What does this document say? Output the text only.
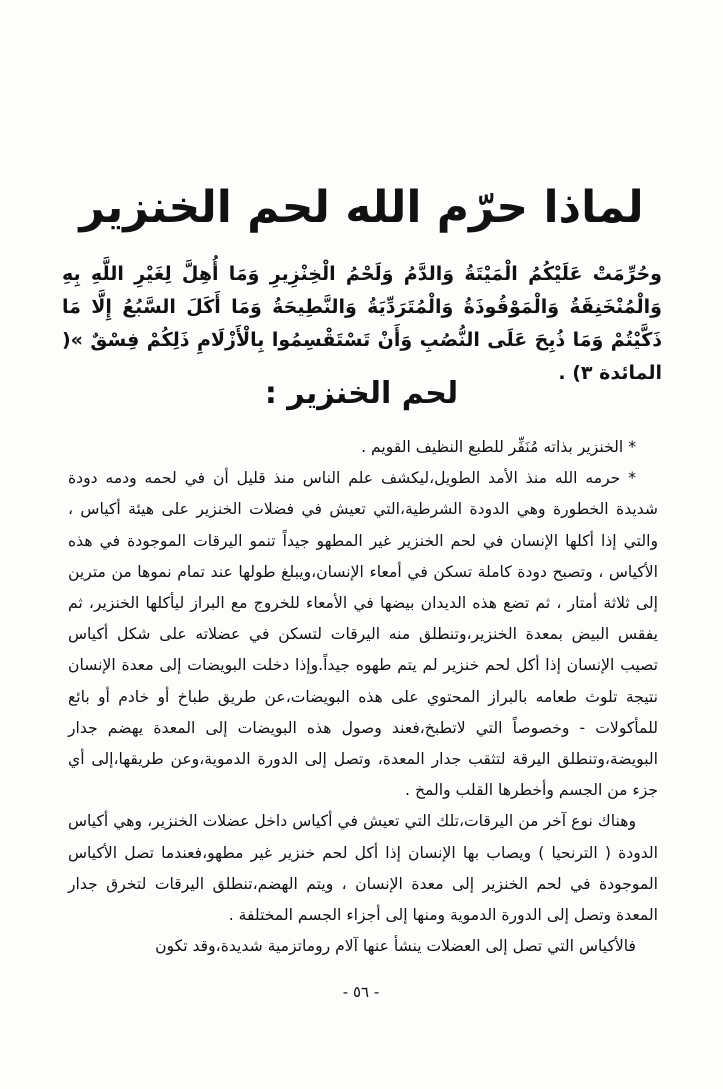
لماذا حرّم الله لحم الخنزير
وحُرِّمَتْ عَلَيْكُمُ الْمَيْتَةُ وَالدَّمُ وَلَحْمُ الْخِنْزِيرِ وَمَا أُهِلَّ لِغَيْرِ اللَّهِ بِهِ وَالْمُنْخَنِقَةُ وَالْمَوْقُوذَةُ وَالْمُتَرَدِّيَةُ وَالنَّطِيحَةُ وَمَا أَكَلَ السَّبُعُ إِلَّا مَا ذَكَّيْتُمْ وَمَا ذُبِحَ عَلَى النُّصُبِ وَأَنْ تَسْتَقْسِمُوا بِالْأَزْلَامِ ذَلِكُمْ فِسْقٌ »( المائدة ٣) .
لحم الخنزير :

* الخنزير بذاته مُنَفِّر للطبع النظيف القويم .

* حرمه الله منذ الأمد الطويل،ليكشف علم الناس منذ قليل أن في لحمه ودمه دودة شديدة الخطورة وهي الدودة الشرطية،التي تعيش في فضلات الخنزير على هيئة أكياس ، والتي إذا أكلها الإنسان في لحم الخنزير غير المطهو جيداً تنمو اليرقات الموجودة في هذه الأكياس ، وتصبح دودة كاملة تسكن في أمعاء الإنسان،ويبلغ طولها عند تمام نموها من مترين إلى ثلاثة أمتار ، ثم تضع هذه الديدان بيضها في الأمعاء للخروج مع البراز ليأكلها الخنزير، ثم يفقس البيض بمعدة الخنزير،وتنطلق منه اليرقات لتسكن في عضلاته على شكل أكياس تصيب الإنسان إذا أكل لحم خنزير لم يتم طهوه جيداً.وإذا دخلت البويضات إلى معدة الإنسان نتيجة تلوث طعامه بالبراز المحتوي على هذه البويضات،عن طريق طباخ أو خادم أو بائع للمأكولات - وخصوصاً التي لاتطبخ،فعند وصول هذه البويضات إلى المعدة يهضم جدار البويضة،وتنطلق اليرقة لتثقب جدار المعدة، وتصل إلى الدورة الدموية،وعن طريقها،إلى أي جزء من الجسم وأخطرها القلب والمخ .

وهناك نوع آخر من اليرقات،تلك التي تعيش في أكياس داخل عضلات الخنزير، وهي أكياس الدودة ( الترنحيا ) ويصاب بها الإنسان إذا أكل لحم خنزير غير مطهو،فعندما تصل الأكياس الموجودة في لحم الخنزير إلى معدة الإنسان ، ويتم الهضم،تنطلق اليرقات لتخرق جدار المعدة وتصل إلى الدورة الدموية ومنها إلى أجزاء الجسم المختلفة .

فالأكياس التي تصل إلى العضلات ينشأ عنها آلام روماتزمية شديدة،وقد تكون

- ٥٦ -
